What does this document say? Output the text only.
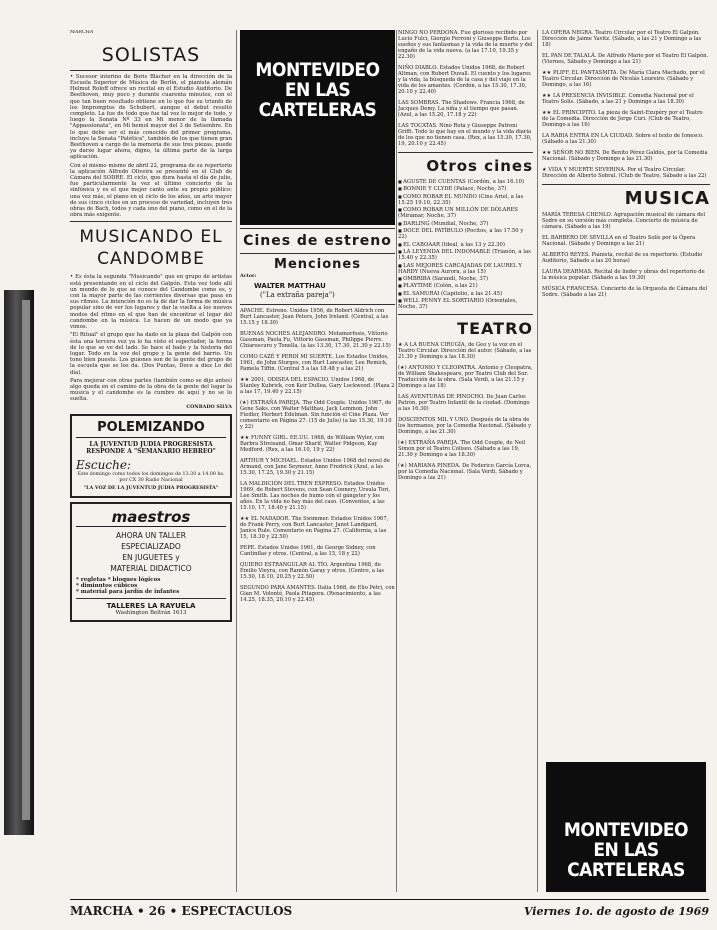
MARCHA
SOLISTAS
• Sucesor interino de Boris Blacher en la dirección de la Escuela Superior de Música de Berlín, el pianista alemán Helmut Roloff ofrece un recital en el Estudio Auditorio. De Beethoven, muy poco y durante cuarenta minutos, con el que tan buen resultado obtiene en lo que fue su triunfo de los Impromptus de Schubert, aunque el debut resultó completo. La fue de todo que fue tal vez lo mejor de todo, y luego la Sonata Nº 33 en Mi menor de la llamada "Appassionata", en Mi bemol mayor del 3 de Setiembre. En lo que debe ser el más conocido del primer programa, incluye la Sonata "Patética", también de los que tienen gran Beethoven a cargo de la memoria de sus tres piezas, puede ya darse lugar ahora, digno, la última parte de la larga aplicación.
Con el mismo mismo de abril 22, programa de su repertorio la aplicación Alfredo Oliveira se presentó en el Club de Cámara del SODRE. El ciclo, que dura hasta el día de julio, fue particularmente la vez el último concierto de la sinfónica y es el que mejor canto ante su propio público: una vez más, el piano en el ciclo de los años, un arte mayor de sus cinco ciclos en un proceso de variedad, incluyen tres obras de Bach, todos y cada uno del piano, como en el de la obra más exigente.
MUSICANDO EL CANDOMBE
• Es ésta la segunda "Musicando" que en grupo de artistas está presentando en el ciclo del Galpón. Esta vez todo allí un mundo de lo que se conoce del Candombe como es, y con la mayor parte de las corrientes diversas que pasa en sus ritmos. La intención no es la de dar la forma de música popular sino de ver los lugares y dar la vuelta a los nuevos modos del ritmo en el que han de encontrar el lugar del candombe en la música. Lo hacen de un modo que ya vimos.
"El Ritual" el grupo que ha dado en la plaza del Galpón con ésta una tercera vez ya lo ha visto el espectador, la forma de lo que se ve del lado. Se hace el baile y la historia del lugar. Todo en la voz del grupo y la gente del barrio. Un tono bien puesto. Los guiones son de la gente del grupo de la escuela que se los da. (Dos Puntas, Doce a diez Lo del día).
Para mejorar con otras partes (también como se dijo antes) algo queda en el camino de la obra de la gente del lugar la música y el candombe es la cumbre de aquí y no se lo suelta.
CONRADO SILVA
POLEMIZANDO
LA JUVENTUD JUDIA PROGRESISTA RESPONDE A "SEMANARIO HEBREO"
Escuche:
Este domingo como todos los domingos de 13.30 a 14.00 hs. por CX 30 Radio Nacional
"LA VOZ DE LA JUVENTUD JUDIA PROGRESISTA"
maestros
AHORA UN TALLER
ESPECIALIZADO
EN JUGUETES y
MATERIAL DIDACTICO
* regletas * bloques lógicos
* diminutos cúbicos
* material para jardín de infantes
TALLERES LA RAYUELA
Washington Beltrán 1613
MONTEVIDEO EN LAS CARTELERAS
Cines de estreno
Menciones
Actor:
WALTER MATTHAU
("La extraña pareja")
APACHE. Estreno. Unidos 1956, de Robert Aldrich con Burt Lancaster, Jean Peters, John Ireland. (Central, a las 15.15 y 18.30)
BUENAS NOCHES ALEJANDRO. Metamorfosis, Vittorio Gassman, Paola Fu, Vittorio Gassman, Philippe Pierre. Chiaroscuro y Tonella. (a las 13.30, 17.30, 21.30 y 22.15)
COMO CAZÉ Y PERDÍ MI SUERTE. Los Estados Unidos, 1961, de John Sturges, con Burt Lancaster, Lee Remick, Pamela Tiffin. (Central 5 a las 18.48 y a las 21)
★★ 2001, ODISEA DEL ESPACIO. Unidos 1968, de Stanley Kubrick, con Keir Dullea, Gary Lockwood. (Plaza 2 a las 17, 19.40 y 22.15)
(★) EXTRAÑA PAREJA. The Odd Couple. Unidos 1967, de Gene Saks, con Walter Matthau, Jack Lemmon, John Fiedler, Herbert Edelman. Sin función el Cine Plaza. Ver comentario en Página 27. (15 de Julio) (a las 15.30, 19.10 y 22)
★★ FUNNY GIRL. EE.UU. 1968, de William Wyler, con Barbra Streisand, Omar Sharif, Walter Pidgeon, Kay Medford. (Rex, a las 16.10, 19 y 22)
ARTHUR Y MICHAEL. Estados Unidos 1968 del novel de Armand, con Jane Seymour, Anne Fredrick (Azul, a las 15.30, 17.25, 19.30 y 21.15)
LA MALDICIÓN DEL TREN EXPRESO. Estados Unidos 1969, de Robert Stevens, con Sean Connery, Ursula Tori, Lee Smith. Las noches de humo con el gángster y los años. En la vida no hay más del caso. (Conventos, a las 15.10, 17, 18.40 y 21.15)
★★ EL NADADOR. The Swimmer. Estados Unidos 1967, de Frank Perry, con Burt Lancaster, Janet Landgard, Janice Rule. Comentario en Página 27. (California, a las 15, 18.30 y 22.50)
PEPE. Estados Unidos 1961, de George Sidney, con Cantinflas y otros. (Central, a las 15, 18 y 22)
QUIERO ESTRANGULAR AL TÍO. Argentina 1968, de Emilio Vieyra, con Ramón Garay y otros. (Centro, a las 15.50, 18.10, 20.25 y 22.50)
SEGUNDO PARA AMANTES. Italia 1968, de Elio Petri, con Gian M. Volonté, Paola Pitagora. (Renacimiento, a las 14.25, 18.35, 20.10 y 22.45)
NINGO NO PERDONA. Fue glorioso recibido por Lucio Fulci, Giorgio Ferroni y Giuseppe Berto. Los sueños y sus fantasmas y la vida de la muerte y del engaño de la vida nueva. (a las 17.10, 19.35 y 22.30)
NIÑO DIABLO. Estados Unidos 1968, de Robert Altman, con Robert Duvall. El cuento y los lugares y la vida, la búsqueda de la casa y del viaje en la vida de los amantes. (Cordón, a las 15.30, 17.30, 20.10 y 22.40)
LAS SOMBRAS. The Shadows. Francia 1968, de Jacques Demy. La niña y el tiempo que pasan. (Azul, a las 15.20, 17.18 y 22)
LAS TOCATAS. Nino Rota y Giuseppe Patroni Griffi. Todo lo que hay en el mundo y la vida diaria de los que no tienen casa. (Rex, a las 15.30, 17.30, 19, 20.10 y 22.45)
Otros cines
■ AGUSTE DE CUENTAS (Cordón, a las 16.10)
■ BONNIE Y CLYDE (Palace, Noche, 37)
■ COMO ROBAR EL MUNDO (Cine Ariel, a las 15.25 19.10, 22.35)
■ COMO ROBAR UN MILLÓN DE DÓLARES (Miramar, Noche, 37)
■ DARLING (Mundial, Noche, 37)
■ DOCE DEL PATÍBULO (Pocitos, a las 17.50 y 22)
■ EL CABOAAR (Ideal, a las 13 y 22.30)
■ LA LEYENDA DEL INDOMABLE (Trianón, a las 15.40 y 22.35)
■ LAS MEJORES CARCAJADAS DE LAUREL Y HARDY (Nueva Aurora, a las 15)
■ OMBRIBA (Sarandí, Noche, 37)
■ PLAYTIME (Colón, a las 21)
■ EL SAMURAI (Capitolio, a las 21.45)
■ WELL PENNY EL SORTIARIO (Orientales, Noche, 37)
TEATRO
★ A LA BUENA CIRUGÍA, de Geo y la voz en el Teatro Circular. Dirección del autor. (Sábado, a las 21.30 y Domingo a las 18.30)
(★) ANTONIO Y CLEOPATRA. Antonio y Cleopatra, de William Shakespeare, por Teatro Club del Sur. Traducción de la obra. (Sala Verdi, a las 21.15 y Domingo a las 18)
LAS AVENTURAS DE PINOCHO. De Juan Carlos Patrón, por Teatro Infantil de la ciudad. (Domingo a las 16.30)
DOSCIENTOS MIL Y UNO. Después de la obra de los hermanos, por la Comedia Nacional. (Sábado y Domingo, a las 21.30)
(★) EXTRAÑA PAREJA. The Odd Couple, de Neil Simon por el Teatro Coliseo. (Sábado a las 19, 21.30 y Domingo a las 18.30)
(★) MARIANA PINEDA. De Federico García Lorca, por la Comedia Nacional. (Sala Verdi, Sábado y Domingo a las 21)
LA ÓPERA NEGRA. Teatro Circular por el Teatro El Galpón. Dirección de Jaime Yavitz. (Sábado, a las 21 y Domingo a las 18)
EL PAN DE TALALÁ. De Alfredo Mario por el Teatro El Galpón. (Viernes, Sábado y Domingo a las 21)
★★ PLIFF, EL PANTASMITA. De María Clara Machado, por el Teatro Circular. Dirección de Nicolás Loureiro. (Sábado y Domingo, a las 16)
★★ LA PRESENCIA INVISIBLE. Comedia Nacional por el Teatro Solís. (Sábado, a las 21 y Domingo a las 18.30)
★★ EL PRINCIPITO. La pieza de Saint-Exupéry por el Teatro de la Comedia. Dirección de Jorge Curi. (Club de Teatro, Domingo a las 16)
LA RABIA ENTRA EN LA CIUDAD. Sobre el texto de Ionesco. (Sábado a las 21.30)
★★ SEÑOR NO BIEN. De Benito Pérez Galdós, por la Comedia Nacional. (Sábado y Domingo a las 21.30)
★ VIDA Y MUERTE SEVERINA. Por el Teatro Circular. Dirección de Alberto Sobral. (Club de Teatro, Sábado a las 22)
MUSICA
MARÍA TERESA CHENLO. Agrupación musical de cámara del Sodre en su versión más completa. Concierto de música de cámara. (Sábado a las 19)
EL BARBERO DE SEVILLA en el Teatro Solís por la Ópera Nacional. (Sábado y Domingo a las 21)
ALBERTO REYES. Pianista, recital de su repertorio. (Estudio Auditorio, Sábado a las 20 horas)
LAURA DEARMAS. Recital de lieder y obras del repertorio de la música popular. (Sábado a las 19.30)
MÚSICA FRANCESA. Concierto de la Orquesta de Cámara del Sodre. (Sábado a las 21)
MONTEVIDEO EN LAS CARTELERAS
MARCHA • 26 • ESPECTACULOS	Viernes 1o. de agosto de 1969
